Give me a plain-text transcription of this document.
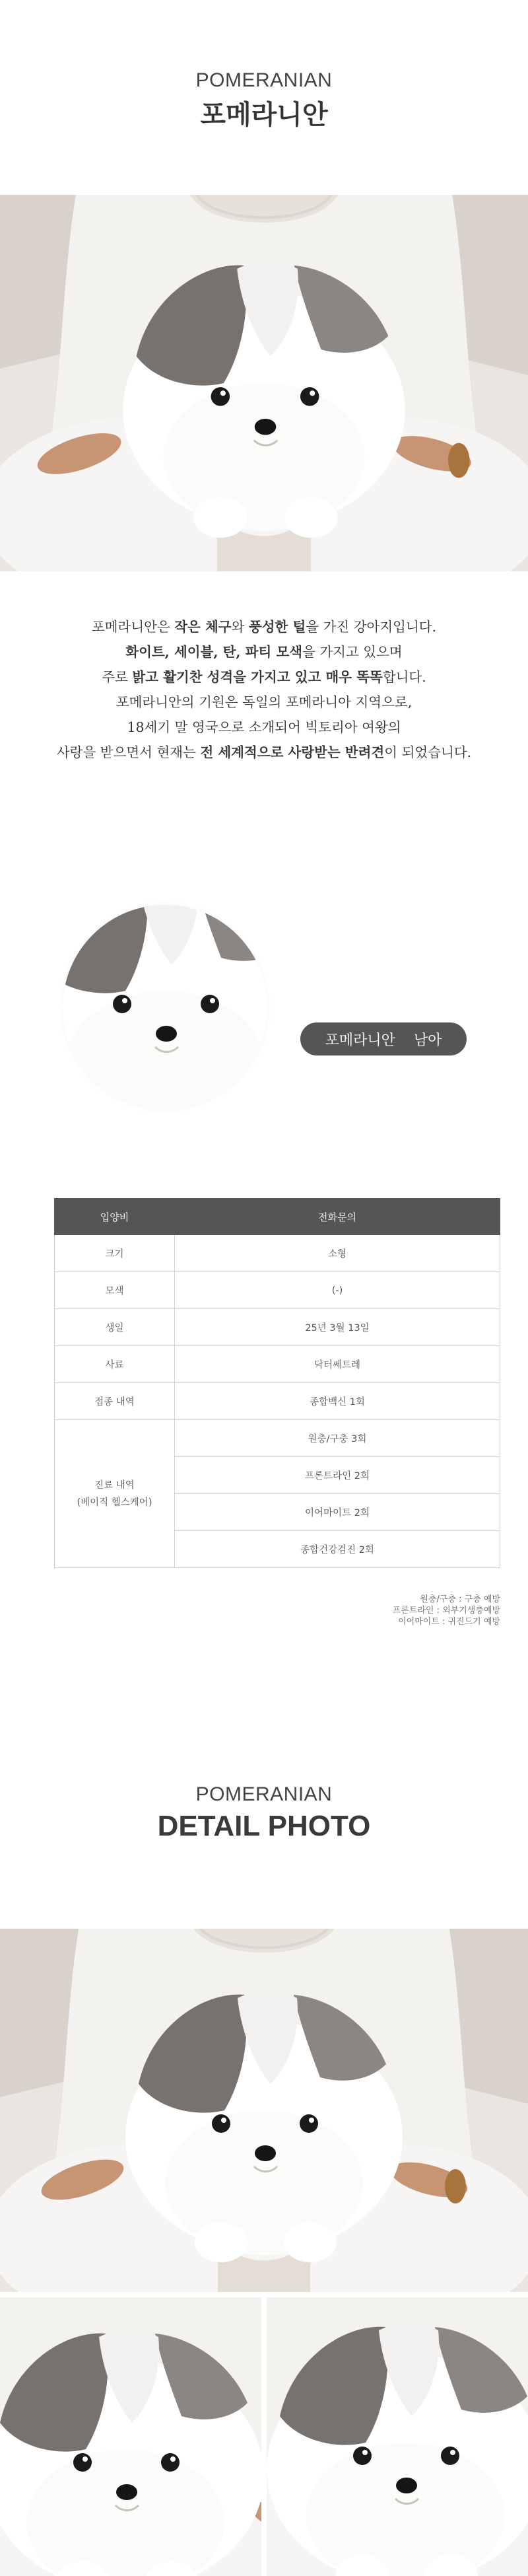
POMERANIAN
포메라니안

포메라니안은 작은 체구와 풍성한 털을 가진 강아지입니다.

화이트, 세이블, 탄, 파티 모색을 가지고 있으며

주로 밝고 활기찬 성격을 가지고 있고 매우 똑똑합니다.

포메라니안의 기원은 독일의 포메라니아 지역으로,

18세기 말 영국으로 소개되어 빅토리아 여왕의

사랑을 받으면서 현재는 전 세계적으로 사랑받는 반려견이 되었습니다.

포메라니안 남아
입양비	전화문의
크기	소형
모색	(-)
생일	25년 3월 13일
사료	닥터쎄트레
접종 내역	종합백신 1회

진료 내역
(베이직 헬스케어)	원충/구충 3회
	프론트라인 2회
	이어마이트 2회
	종합건강검진 2회
원충/구충 : 구충 예방
프론트라인 : 외부기생충예방
이어마이트 : 귀진드기 예방
POMERANIAN
DETAIL PHOTO
